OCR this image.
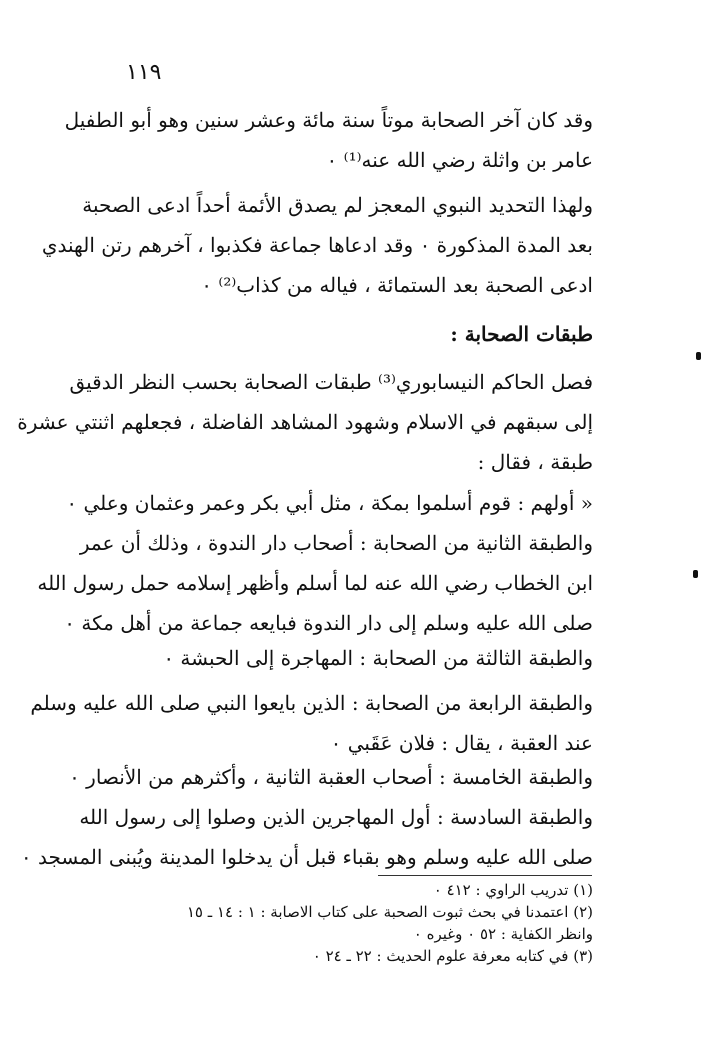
١١٩
وقد كان آخر الصحابة موتاً سنة مائة وعشر سنين وهو أبو الطفيل
عامر بن واثلة رضي الله عنه⁽¹⁾ ٠
ولهذا التحديد النبوي المعجز لم يصدق الأئمة أحداً ادعى الصحبة
بعد المدة المذكورة ٠ وقد ادعاها جماعة فكذبوا ، آخرهم رتن الهندي
ادعى الصحبة بعد الستمائة ، فياله من كذاب⁽²⁾ ٠
طبقات الصحابة :
فصل الحاكم النيسابوري⁽³⁾ طبقات الصحابة بحسب النظر الدقيق
إلى سبقهم في الاسلام وشهود المشاهد الفاضلة ، فجعلهم اثنتي عشرة
طبقة ، فقال :
« أولهم : قوم أسلموا بمكة ، مثل أبي بكر وعمر وعثمان وعلي ٠
والطبقة الثانية من الصحابة : أصحاب دار الندوة ، وذلك أن عمر
ابن الخطاب رضي الله عنه لما أسلم وأظهر إسلامه حمل رسول الله
صلى الله عليه وسلم إلى دار الندوة فبايعه جماعة من أهل مكة ٠
والطبقة الثالثة من الصحابة : المهاجرة إلى الحبشة ٠
والطبقة الرابعة من الصحابة : الذين بايعوا النبي صلى الله عليه وسلم
عند العقبة ، يقال : فلان عَقَبي ٠
والطبقة الخامسة : أصحاب العقبة الثانية ، وأكثرهم من الأنصار ٠
والطبقة السادسة : أول المهاجرين الذين وصلوا إلى رسول الله
صلى الله عليه وسلم وهو بقباء قبل أن يدخلوا المدينة ويُبنى المسجد ٠
(١) تدريب الراوي : ٤١٢ ٠
(٢) اعتمدنا في بحث ثبوت الصحبة على كتاب الاصابة : ١ : ١٤ ـ ١٥
وانظر الكفاية : ٥٢ ٠ وغيره ٠
(٣) في كتابه معرفة علوم الحديث : ٢٢ ـ ٢٤ ٠
